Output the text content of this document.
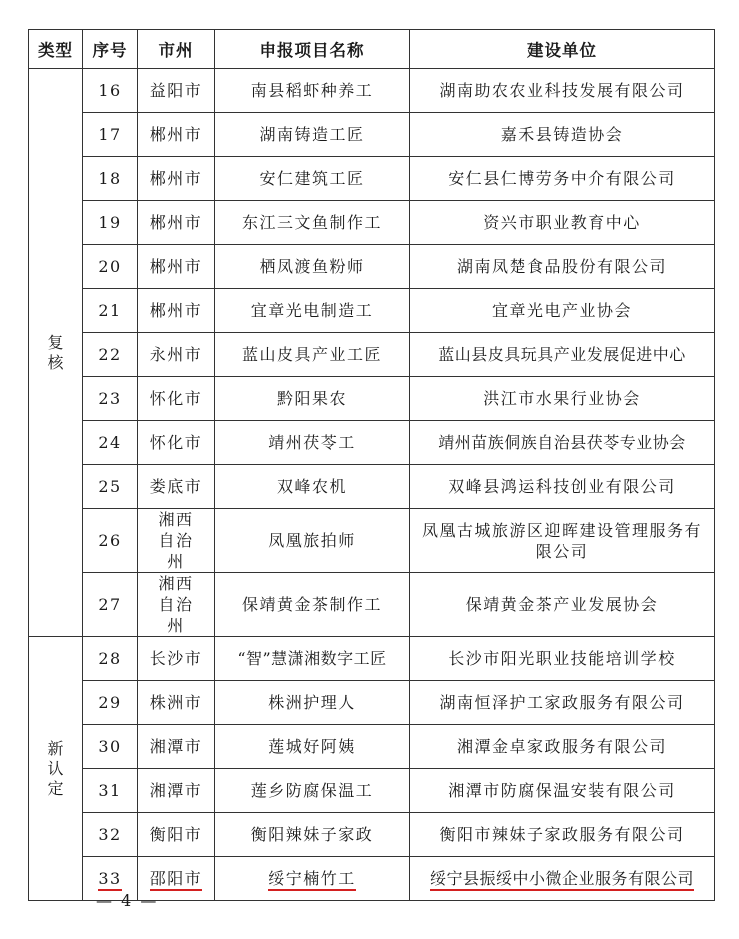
类型	序号	市州	申报项目名称	建设单位
复核	16	益阳市	南县稻虾种养工	湖南助农农业科技发展有限公司
	17	郴州市	湖南铸造工匠	嘉禾县铸造协会
	18	郴州市	安仁建筑工匠	安仁县仁博劳务中介有限公司
	19	郴州市	东江三文鱼制作工	资兴市职业教育中心
	20	郴州市	栖凤渡鱼粉师	湖南凤楚食品股份有限公司
	21	郴州市	宜章光电制造工	宜章光电产业协会
	22	永州市	蓝山皮具产业工匠	蓝山县皮具玩具产业发展促进中心
	23	怀化市	黔阳果农	洪江市水果行业协会
	24	怀化市	靖州茯苓工	靖州苗族侗族自治县茯苓专业协会
	25	娄底市	双峰农机	双峰县鸿运科技创业有限公司
	26	湘西自治州	凤凰旅拍师	凤凰古城旅游区迎晖建设管理服务有限公司
	27	湘西自治州	保靖黄金茶制作工	保靖黄金茶产业发展协会
新认定	28	长沙市	“智”慧潇湘数字工匠	长沙市阳光职业技能培训学校
	29	株洲市	株洲护理人	湖南恒泽护工家政服务有限公司
	30	湘潭市	莲城好阿姨	湘潭金卓家政服务有限公司
	31	湘潭市	莲乡防腐保温工	湘潭市防腐保温安装有限公司
	32	衡阳市	衡阳辣妹子家政	衡阳市辣妹子家政服务有限公司
	33	邵阳市	绥宁楠竹工	绥宁县振绥中小微企业服务有限公司
— 4 —
